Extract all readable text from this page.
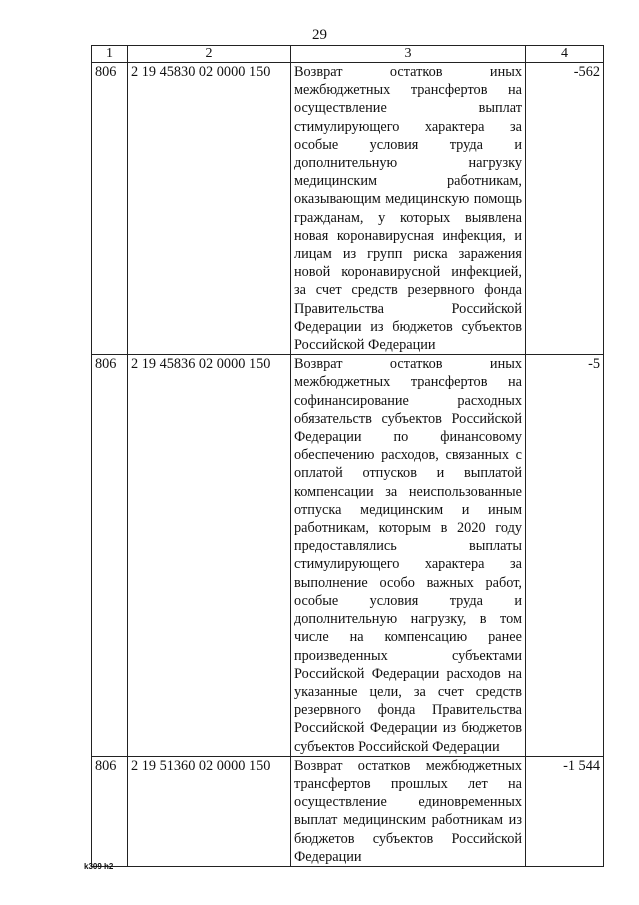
29
1	2	3	4
806	2 19 45830 02 0000 150	Возврат остатков иных межбюджетных трансфертов на осуществление выплат стимулирующего характера за особые условия труда и дополнительную нагрузку медицинским работникам, оказывающим медицинскую помощь гражданам, у которых выявлена новая коронавирусная инфекция, и лицам из групп риска заражения новой коронавирусной инфекцией, за счет средств резервного фонда Правительства Российской Федерации из бюджетов субъектов Российской Федерации	-562
806	2 19 45836 02 0000 150	Возврат остатков иных межбюджетных трансфертов на софинансирование расходных обязательств субъектов Российской Федерации по финансовому обеспечению расходов, связанных с оплатой отпусков и выплатой компенсации за неиспользованные отпуска медицинским и иным работникам, которым в 2020 году предоставлялись выплаты стимулирующего характера за выполнение особо важных работ, особые условия труда и дополнительную нагрузку, в том числе на компенсацию ранее произведенных субъектами Российской Федерации расходов на указанные цели, за счет средств резервного фонда Правительства Российской Федерации из бюджетов субъектов Российской Федерации	-5
806	2 19 51360 02 0000 150	Возврат остатков межбюджетных трансфертов прошлых лет на осуществление единовременных выплат медицинским работникам из бюджетов субъектов Российской Федерации	-1 544
k309 h2
